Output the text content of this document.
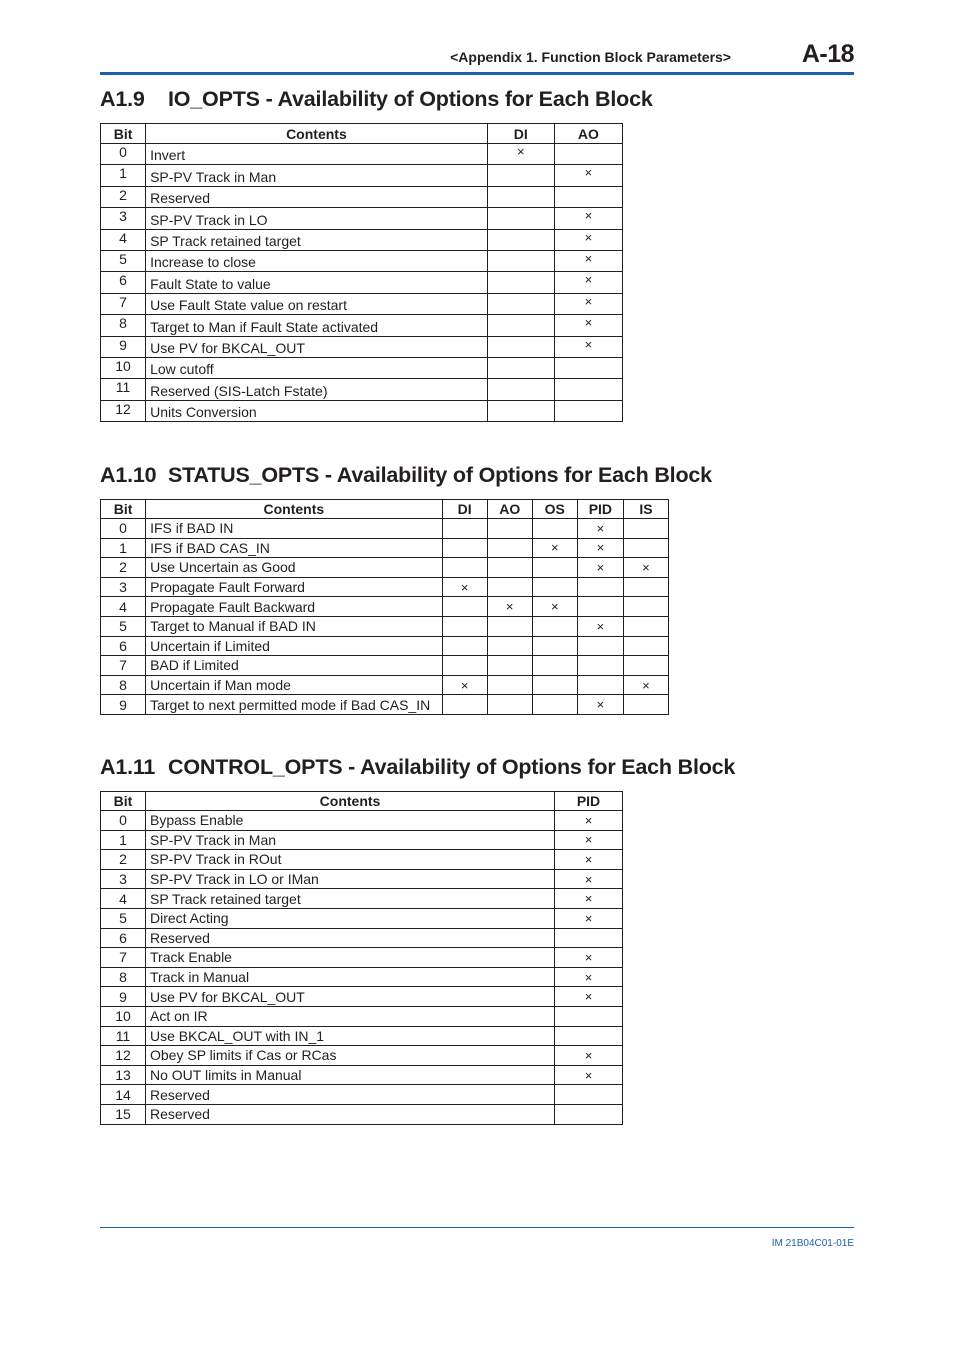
<Appendix 1. Function Block Parameters>	A-18
A1.9 IO_OPTS - Availability of Options for Each Block
Bit	Contents	DI	AO
0	Invert	×	
1	SP-PV Track in Man		×
2	Reserved		
3	SP-PV Track in LO		×
4	SP Track retained target		×
5	Increase to close		×
6	Fault State to value		×
7	Use Fault State value on restart		×
8	Target to Man if Fault State activated		×
9	Use PV for BKCAL_OUT		×
10	Low cutoff		
11	Reserved (SIS-Latch Fstate)		
12	Units Conversion		
A1.10 STATUS_OPTS - Availability of Options for Each Block
Bit	Contents	DI	AO	OS	PID	IS
0	IFS if BAD IN				×	
1	IFS if BAD CAS_IN			×	×	
2	Use Uncertain as Good				×	×
3	Propagate Fault Forward	×				
4	Propagate Fault Backward		×	×		
5	Target to Manual if BAD IN				×	
6	Uncertain if Limited					
7	BAD if Limited					
8	Uncertain if Man mode	×				×
9	Target to next permitted mode if Bad CAS_IN				×	
A1.11 CONTROL_OPTS - Availability of Options for Each Block
Bit	Contents	PID
0	Bypass Enable	×
1	SP-PV Track in Man	×
2	SP-PV Track in ROut	×
3	SP-PV Track in LO or IMan	×
4	SP Track retained target	×
5	Direct Acting	×
6	Reserved	
7	Track Enable	×
8	Track in Manual	×
9	Use PV for BKCAL_OUT	×
10	Act on IR	
11	Use BKCAL_OUT with IN_1	
12	Obey SP limits if Cas or RCas	×
13	No OUT limits in Manual	×
14	Reserved	
15	Reserved	
IM 21B04C01-01E
